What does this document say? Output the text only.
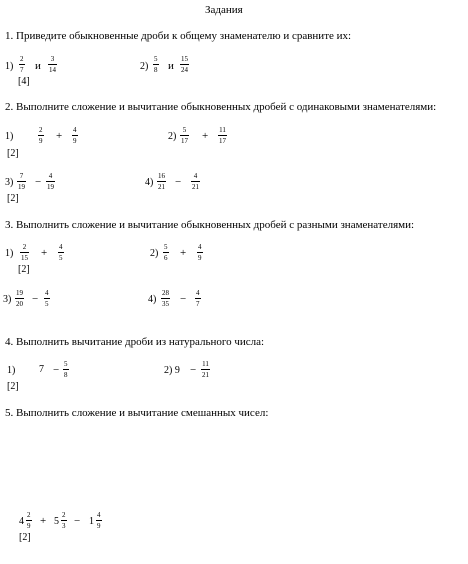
Задания
1. Приведите обыкновенные дроби к общему знаменателю и сравните их:
1)
2
7 и
3
14	2)
5
8 и
15
24
[4]
2. Выполните сложение и вычитание обыкновенных дробей с одинаковыми знаменателями:
1)
2
9 + 4
9	2)
5
17 + 11
17
[2]
3)
7
19 − 4
19	4)
16
21 − 4
21
[2]
3. Выполнить сложение и вычитание обыкновенных дробей с разными знаменателями:
1)
2
15 + 4
5	2)
5
6 + 4
9
[2]
3)
19
20 − 4
5	4)
28
35 − 4
7
4. Выполнить вычитание дроби из натурального числа:
1) 7 − 5
8	2) 9 − 11
21
[2]
5. Выполнить сложение и вычитание смешанных чисел:
4
2
9 + 5
2
3 − 1
4
9
[2]
